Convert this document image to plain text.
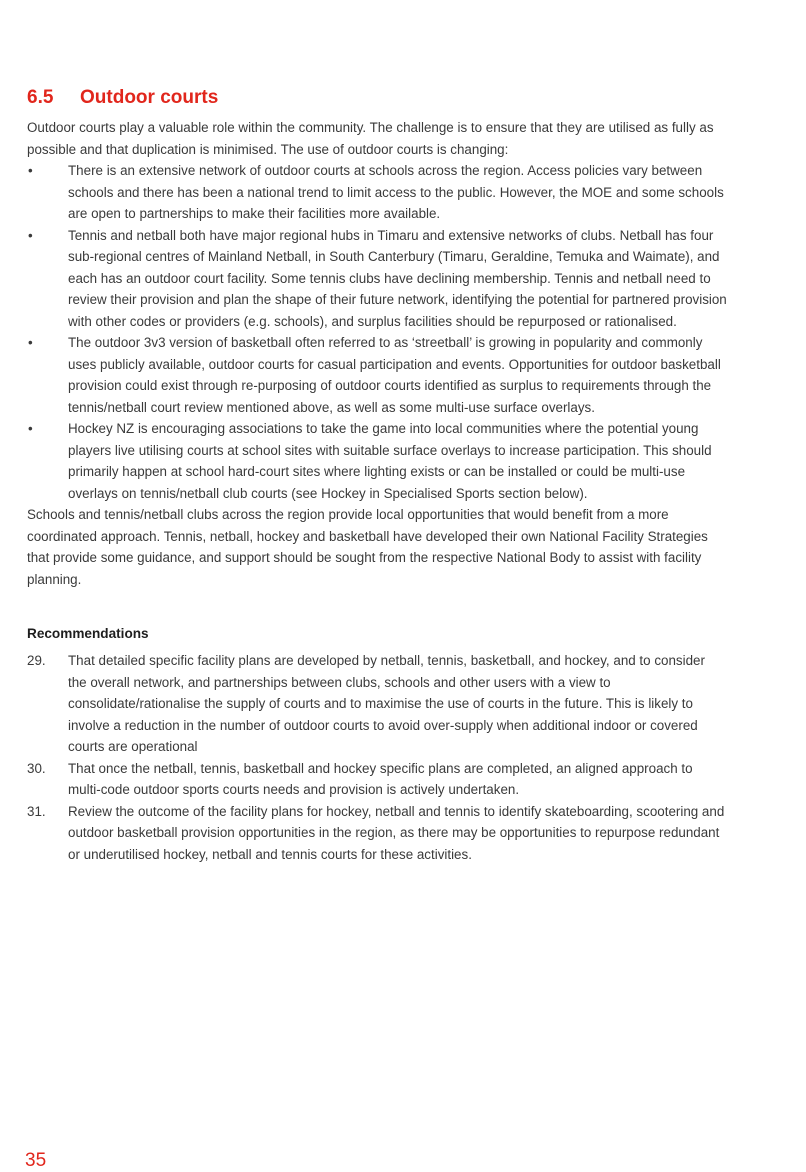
6.5	Outdoor courts

Outdoor courts play a valuable role within the community. The challenge is to ensure that they are utilised as fully as possible and that duplication is minimised. The use of outdoor courts is changing:

•	There is an extensive network of outdoor courts at schools across the region. Access policies vary between schools and there has been a national trend to limit access to the public. However, the MOE and some schools are open to partnerships to make their facilities more available.
•	Tennis and netball both have major regional hubs in Timaru and extensive networks of clubs. Netball has four sub-regional centres of Mainland Netball, in South Canterbury (Timaru, Geraldine, Temuka and Waimate), and each has an outdoor court facility. Some tennis clubs have declining membership. Tennis and netball need to review their provision and plan the shape of their future network, identifying the potential for partnered provision with other codes or providers (e.g. schools), and surplus facilities should be repurposed or rationalised.
•	The outdoor 3v3 version of basketball often referred to as ‘streetball’ is growing in popularity and commonly uses publicly available, outdoor courts for casual participation and events. Opportunities for outdoor basketball provision could exist through re-purposing of outdoor courts identified as surplus to requirements through the tennis/netball court review mentioned above, as well as some multi-use surface overlays.
•	Hockey NZ is encouraging associations to take the game into local communities where the potential young players live utilising courts at school sites with suitable surface overlays to increase participation. This should primarily happen at school hard-court sites where lighting exists or can be installed or could be multi-use overlays on tennis/netball club courts (see Hockey in Specialised Sports section below).

Schools and tennis/netball clubs across the region provide local opportunities that would benefit from a more coordinated approach. Tennis, netball, hockey and basketball have developed their own National Facility Strategies that provide some guidance, and support should be sought from the respective National Body to assist with facility planning.

Recommendations
29. That detailed specific facility plans are developed by netball, tennis, basketball, and hockey, and to consider the overall network, and partnerships between clubs, schools and other users with a view to consolidate/rationalise the supply of courts and to maximise the use of courts in the future. This is likely to involve a reduction in the number of outdoor courts to avoid over-supply when additional indoor or covered courts are operational
30. That once the netball, tennis, basketball and hockey specific plans are completed, an aligned approach to multi-code outdoor sports courts needs and provision is actively undertaken.
31. Review the outcome of the facility plans for hockey, netball and tennis to identify skateboarding, scootering and outdoor basketball provision opportunities in the region, as there may be opportunities to repurpose redundant or underutilised hockey, netball and tennis courts for these activities.
35
